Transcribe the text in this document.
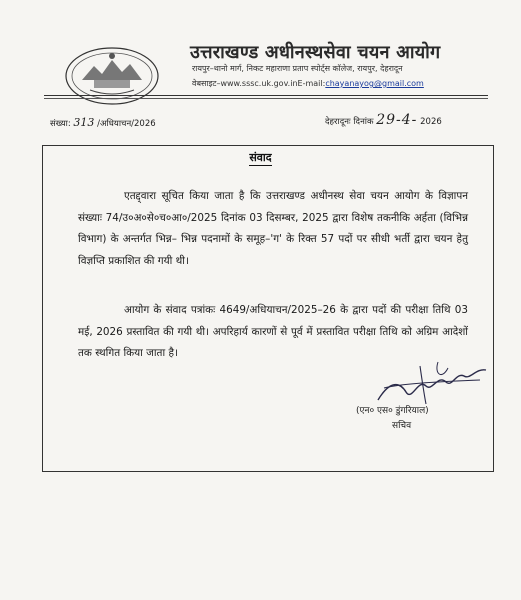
उत्तराखण्ड अधीनस्थसेवा चयन आयोग
रायपुर–थानो मार्ग, निकट महाराणा प्रताप स्पोर्ट्स कॉलेज, रायपुर, देहरादून
वेबसाइट–www.sssc.uk.gov.inE-mail:chayanayog@gmail.com
संख्या: 313 /अधियाचन/2026	देहरादूनः दिनांक 29-4- 2026
संवाद
एतद्द्वारा सूचित किया जाता है कि उत्तराखण्ड अधीनस्थ सेवा चयन आयोग के विज्ञापन संख्याः 74/उ०अ०से०च०आ०/2025 दिनांक 03 दिसम्बर, 2025 द्वारा विशेष तकनीकि अर्हता (विभिन्न विभाग) के अन्तर्गत भिन्न– भिन्न पदनामों के समूह–'ग' के रिक्त 57 पदों पर सीधी भर्ती द्वारा चयन हेतु विज्ञप्ति प्रकाशित की गयी थी।
आयोग के संवाद पत्रांकः 4649/अधियाचन/2025–26 के द्वारा पदों की परीक्षा तिथि 03 मई, 2026 प्रस्तावित की गयी थी। अपरिहार्य कारणों से पूर्व में प्रस्तावित परीक्षा तिथि को अग्रिम आदेशों तक स्थगित किया जाता है।
(एन० एस० डुंगरियाल)
सचिव
